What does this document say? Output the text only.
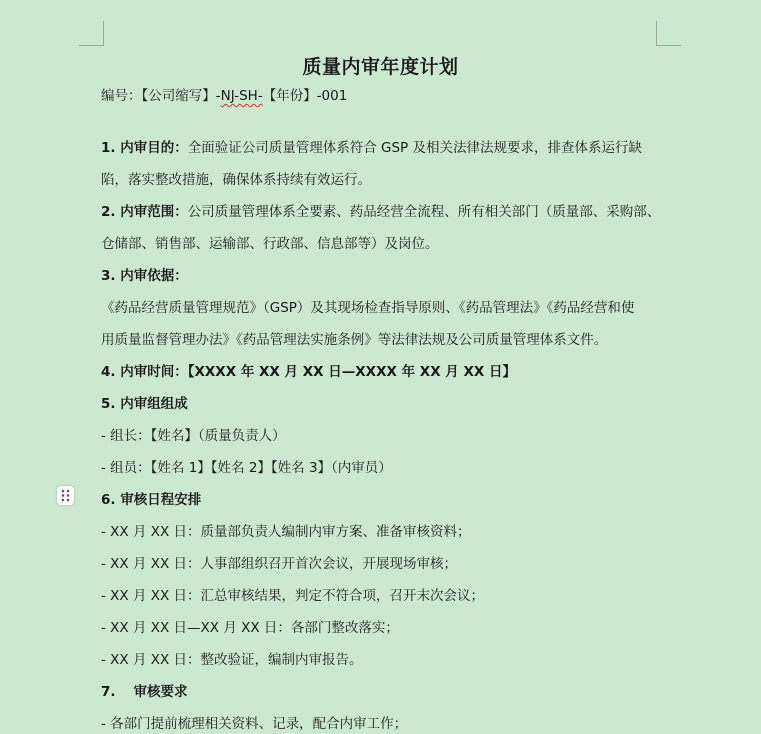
质量内审年度计划
编号：【公司缩写】-NJ-SH-【年份】-001
1. 内审目的：全面验证公司质量管理体系符合 GSP 及相关法律法规要求，排查体系运行缺
陷，落实整改措施，确保体系持续有效运行。
2. 内审范围：公司质量管理体系全要素、药品经营全流程、所有相关部门（质量部、采购部、
仓储部、销售部、运输部、行政部、信息部等）及岗位。
3. 内审依据：
《药品经营质量管理规范》（GSP）及其现场检查指导原则、《药品管理法》《药品经营和使
用质量监督管理办法》《药品管理法实施条例》等法律法规及公司质量管理体系文件。
4. 内审时间：【XXXX 年 XX 月 XX 日—XXXX 年 XX 月 XX 日】
5. 内审组组成
- 组长：【姓名】（质量负责人）
- 组员：【姓名 1】【姓名 2】【姓名 3】（内审员）
6. 审核日程安排
- XX 月 XX 日：质量部负责人编制内审方案、准备审核资料；
- XX 月 XX 日：人事部组织召开首次会议，开展现场审核；
- XX 月 XX 日：汇总审核结果，判定不符合项，召开末次会议；
- XX 月 XX 日—XX 月 XX 日：各部门整改落实；
- XX 月 XX 日：整改验证，编制内审报告。
7. 审核要求
- 各部门提前梳理相关资料、记录，配合内审工作；
